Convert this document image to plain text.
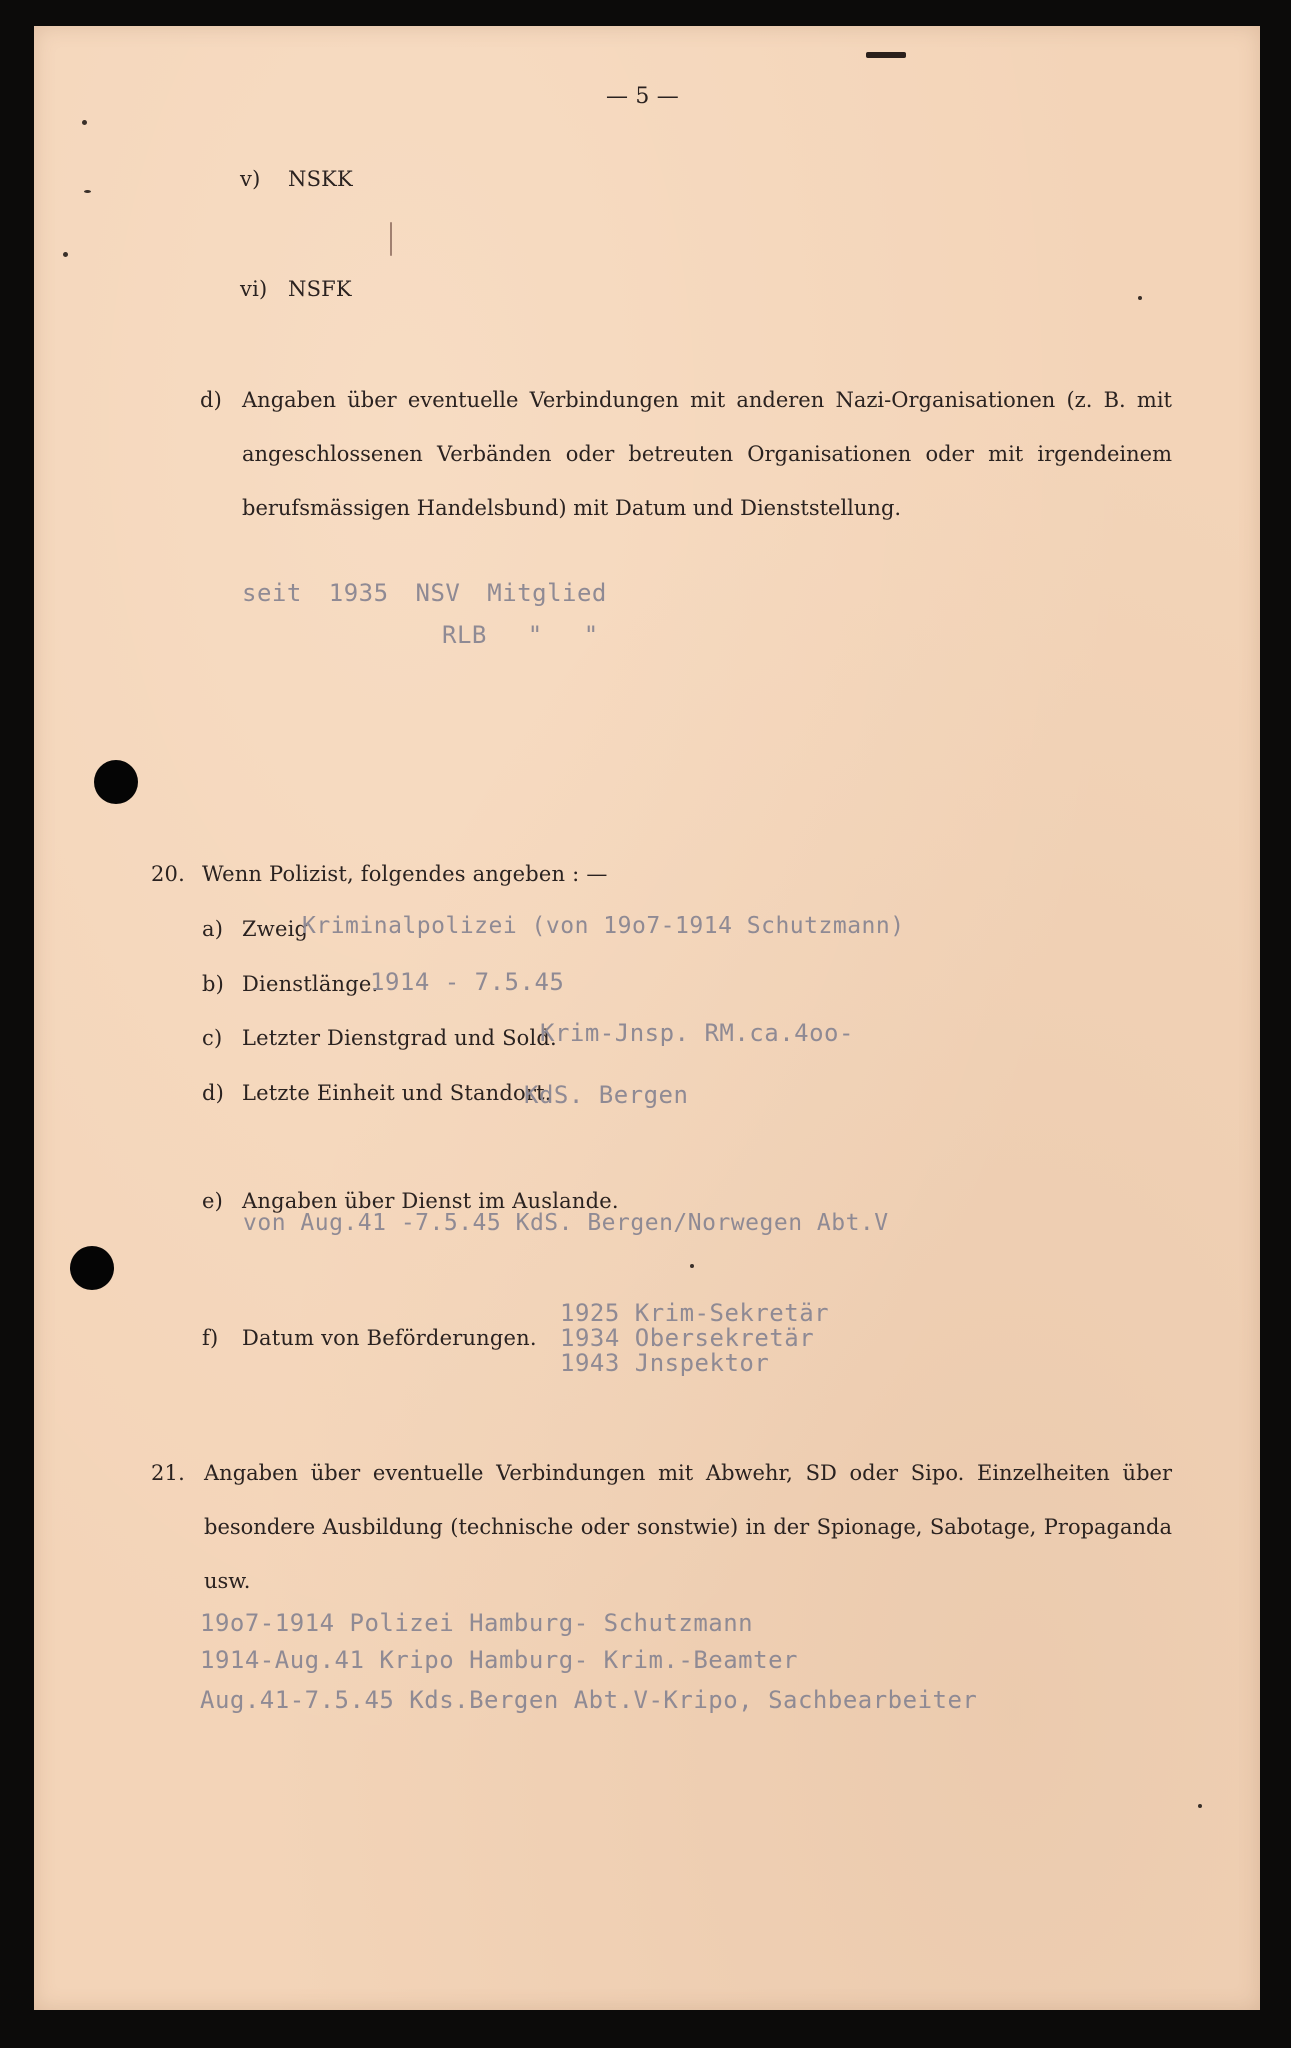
— 5 —
v) NSKK
vi) NSFK
d) Angaben über eventuelle Verbindungen mit anderen Nazi-Organisationen (z. B. mit angeschlossenen Verbänden oder betreuten Organisationen oder mit irgendeinem berufsmässigen Handelsbund) mit Datum und Dienststellung.
seit 1935 NSV Mitglied
RLB " "
20. Wenn Polizist, folgendes angeben : —
a) Zweig
Kriminalpolizei (von 19o7-1914 Schutzmann)
b) Dienstlänge.
1914 - 7.5.45
c) Letzter Dienstgrad und Sold.
Krim-Jnsp. RM.ca.4oo-
d) Letzte Einheit und Standort.
KdS. Bergen
e) Angaben über Dienst im Auslande.
von Aug.41 -7.5.45 KdS. Bergen/Norwegen Abt.V
f) Datum von Beförderungen.
1925 Krim-Sekretär
1934 Obersekretär
1943 Jnspektor
21. Angaben über eventuelle Verbindungen mit Abwehr, SD oder Sipo. Einzelheiten über besondere Ausbildung (technische oder sonstwie) in der Spionage, Sabotage, Propaganda usw.
19o7-1914 Polizei Hamburg- Schutzmann
1914-Aug.41 Kripo Hamburg- Krim.-Beamter
Aug.41-7.5.45 Kds.Bergen Abt.V-Kripo, Sachbearbeiter
